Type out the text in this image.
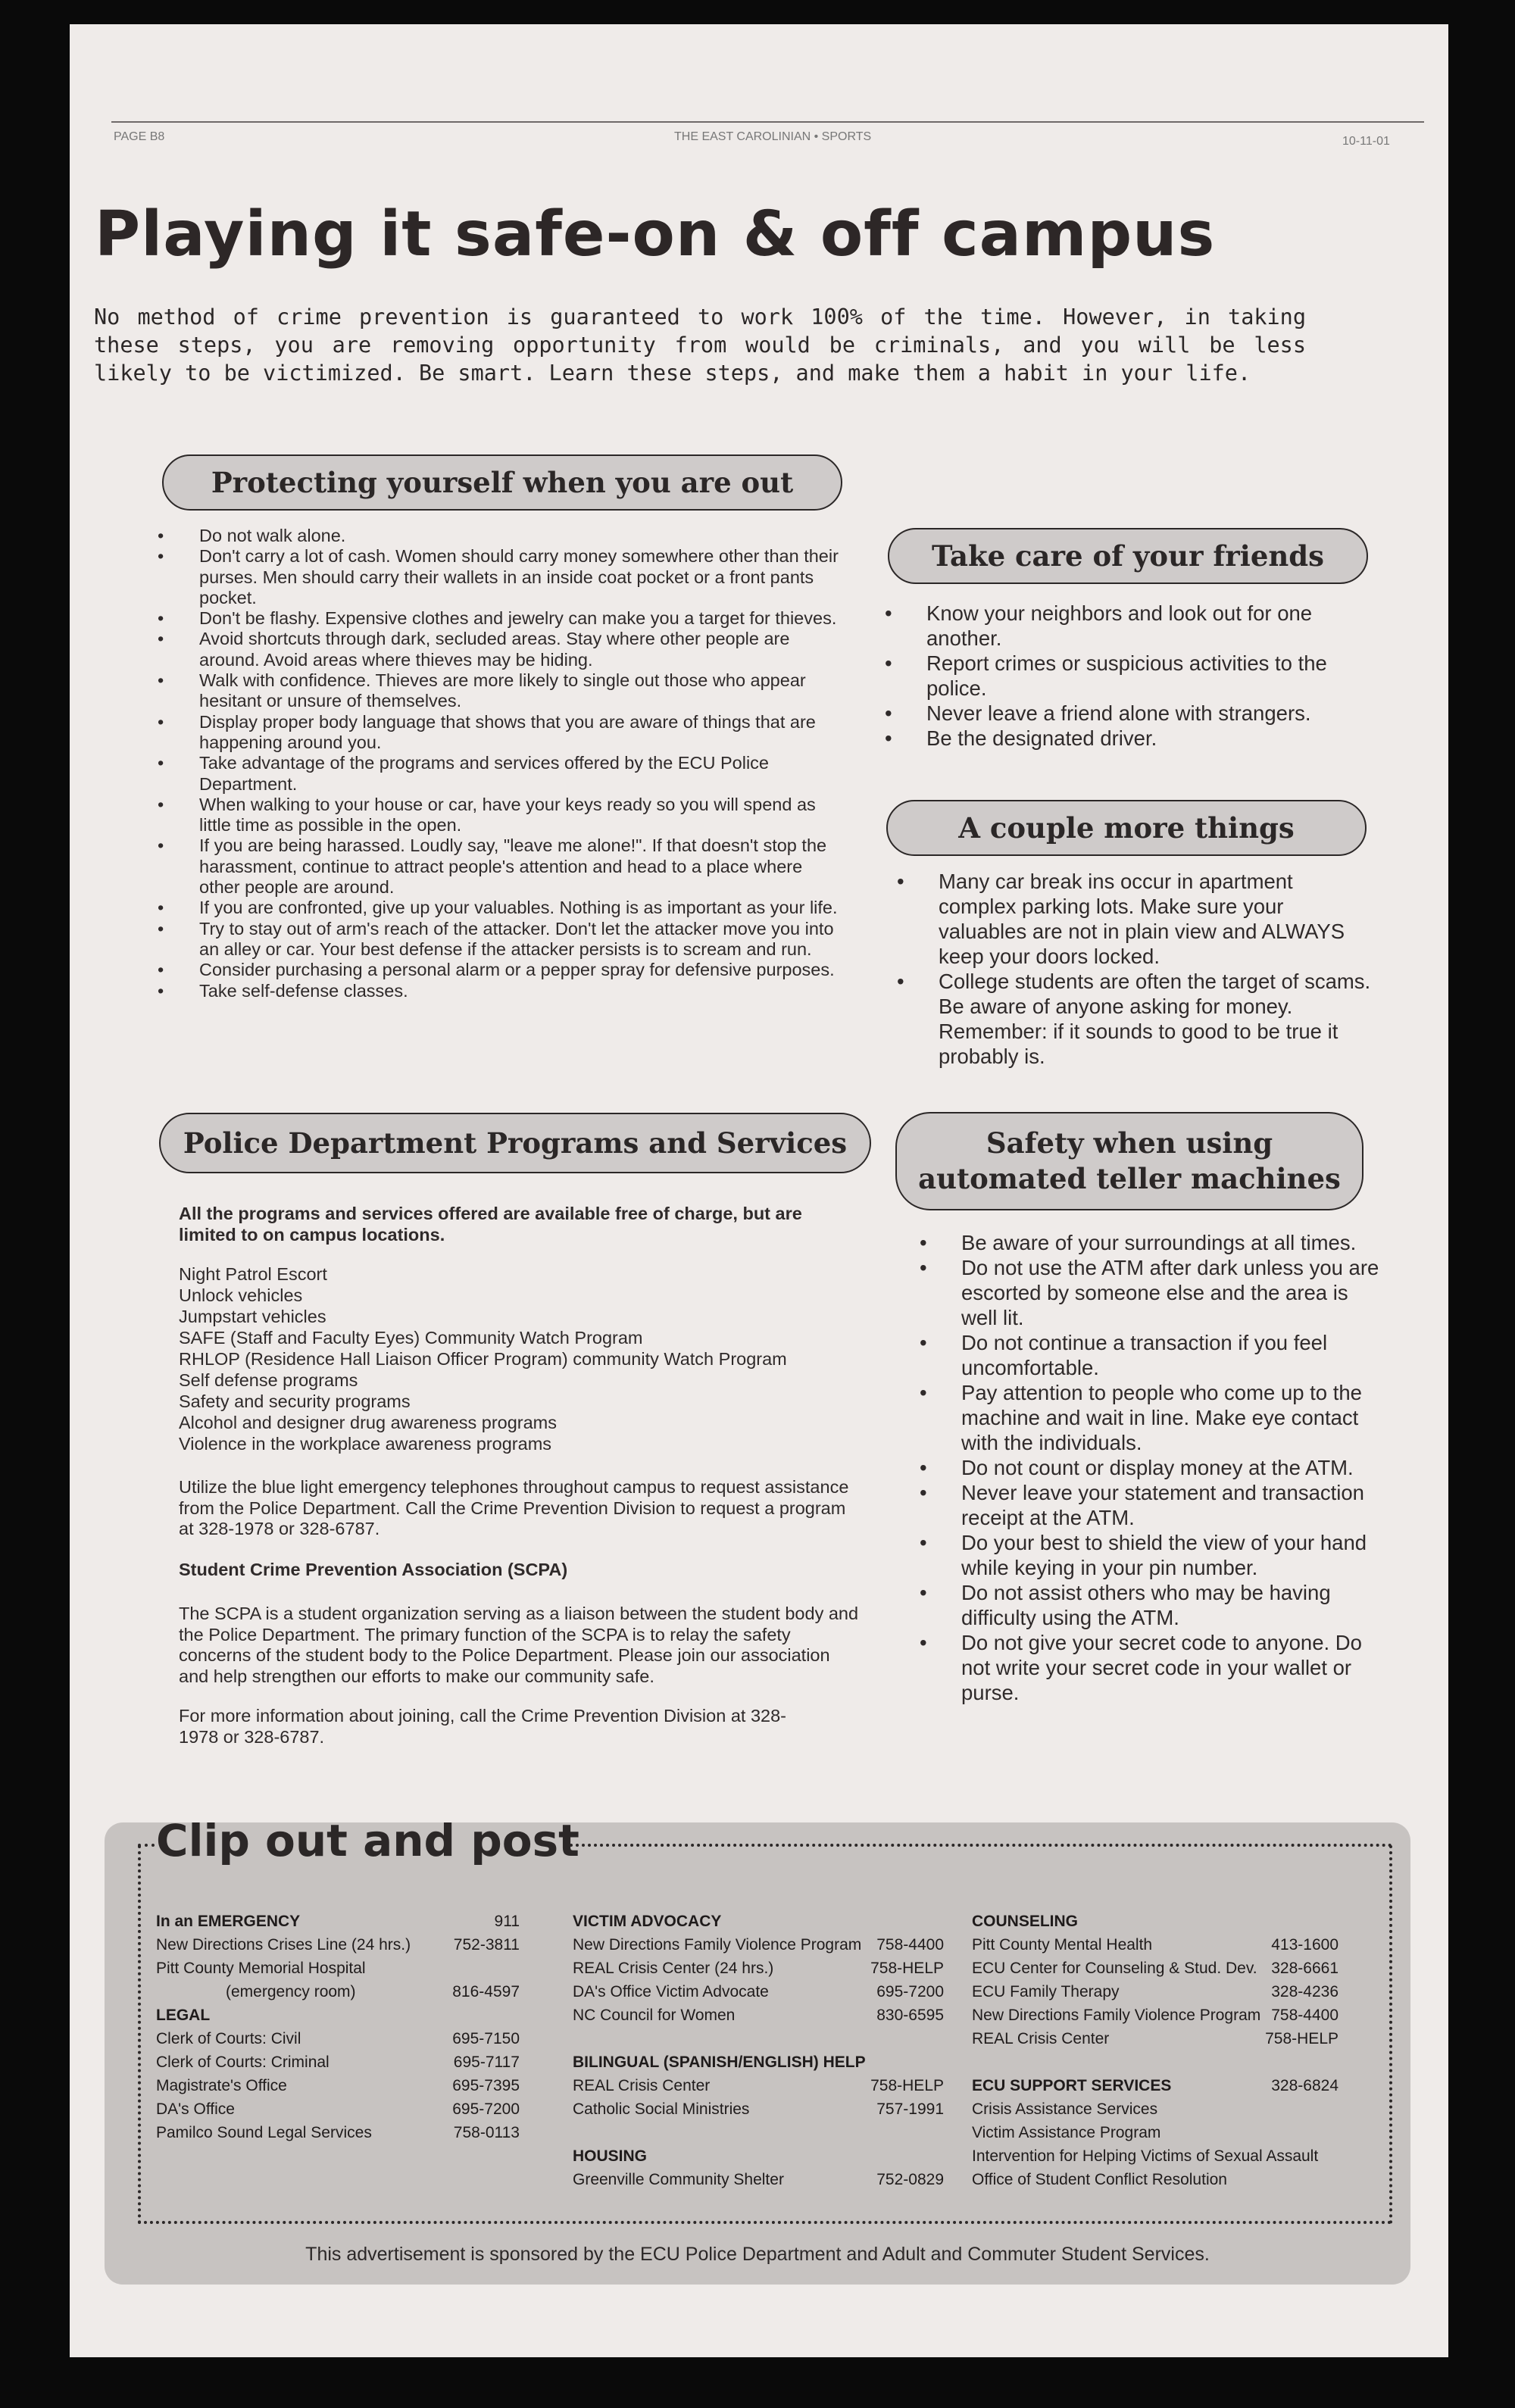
PAGE B8	THE EAST CAROLINIAN • SPORTS	10-11-01
Playing it safe-on & off campus

No method of crime prevention is guaranteed to work 100% of the time. However, in taking these steps, you are removing opportunity from would be criminals, and you will be less likely to be victimized. Be smart. Learn these steps, and make them a habit in your life.

Protecting yourself when you are out
• Do not walk alone.
• Don't carry a lot of cash. Women should carry money somewhere other than their purses. Men should carry their wallets in an inside coat pocket or a front pants pocket.
• Don't be flashy. Expensive clothes and jewelry can make you a target for thieves.
• Avoid shortcuts through dark, secluded areas. Stay where other people are around. Avoid areas where thieves may be hiding.
• Walk with confidence. Thieves are more likely to single out those who appear hesitant or unsure of themselves.
• Display proper body language that shows that you are aware of things that are happening around you.
• Take advantage of the programs and services offered by the ECU Police Department.
• When walking to your house or car, have your keys ready so you will spend as little time as possible in the open.
• If you are being harassed. Loudly say, "leave me alone!". If that doesn't stop the harassment, continue to attract people's attention and head to a place where other people are around.
• If you are confronted, give up your valuables. Nothing is as important as your life.
• Try to stay out of arm's reach of the attacker. Don't let the attacker move you into an alley or car. Your best defense if the attacker persists is to scream and run.
• Consider purchasing a personal alarm or a pepper spray for defensive purposes.
• Take self-defense classes.
Take care of your friends
• Know your neighbors and look out for one another.
• Report crimes or suspicious activities to the police.
• Never leave a friend alone with strangers.
• Be the designated driver.
A couple more things
• Many car break ins occur in apartment complex parking lots. Make sure your valuables are not in plain view and ALWAYS keep your doors locked.
• College students are often the target of scams. Be aware of anyone asking for money. Remember: if it sounds to good to be true it probably is.
Police Department Programs and Services

All the programs and services offered are available free of charge, but are limited to on campus locations.

Night Patrol Escort
Unlock vehicles
Jumpstart vehicles
SAFE (Staff and Faculty Eyes) Community Watch Program
RHLOP (Residence Hall Liaison Officer Program) community Watch Program
Self defense programs
Safety and security programs
Alcohol and designer drug awareness programs
Violence in the workplace awareness programs

Utilize the blue light emergency telephones throughout campus to request assistance from the Police Department. Call the Crime Prevention Division to request a program at 328-1978 or 328-6787.

Student Crime Prevention Association (SCPA)

The SCPA is a student organization serving as a liaison between the student body and the Police Department. The primary function of the SCPA is to relay the safety concerns of the student body to the Police Department. Please join our association and help strengthen our efforts to make our community safe.

For more information about joining, call the Crime Prevention Division at 328-1978 or 328-6787.

Safety when using
automated teller machines
• Be aware of your surroundings at all times.
• Do not use the ATM after dark unless you are escorted by someone else and the area is well lit.
• Do not continue a transaction if you feel uncomfortable.
• Pay attention to people who come up to the machine and wait in line. Make eye contact with the individuals.
• Do not count or display money at the ATM.
• Never leave your statement and transaction receipt at the ATM.
• Do your best to shield the view of your hand while keying in your pin number.
• Do not assist others who may be having difficulty using the ATM.
• Do not give your secret code to anyone. Do not write your secret code in your wallet or purse.
Clip out and post
In an EMERGENCY	911
New Directions Crises Line (24 hrs.)	752-3811
Pitt County Memorial Hospital
(emergency room)	816-4597
LEGAL
Clerk of Courts: Civil	695-7150
Clerk of Courts: Criminal	695-7117
Magistrate's Office	695-7395
DA's Office	695-7200
Pamilco Sound Legal Services	758-0113
VICTIM ADVOCACY
New Directions Family Violence Program 758-4400
REAL Crisis Center (24 hrs.)	758-HELP
DA's Office Victim Advocate	695-7200
NC Council for Women	830-6595
BILINGUAL (SPANISH/ENGLISH) HELP
REAL Crisis Center	758-HELP
Catholic Social Ministries	757-1991
HOUSING
Greenville Community Shelter	752-0829
COUNSELING
Pitt County Mental Health	413-1600
ECU Center for Counseling & Stud. Dev. 328-6661
ECU Family Therapy	328-4236
New Directions Family Violence Program 758-4400
REAL Crisis Center	758-HELP
ECU SUPPORT SERVICES	328-6824
Crisis Assistance Services
Victim Assistance Program
Intervention for Helping Victims of Sexual Assault
Office of Student Conflict Resolution
This advertisement is sponsored by the ECU Police Department and Adult and Commuter Student Services.
